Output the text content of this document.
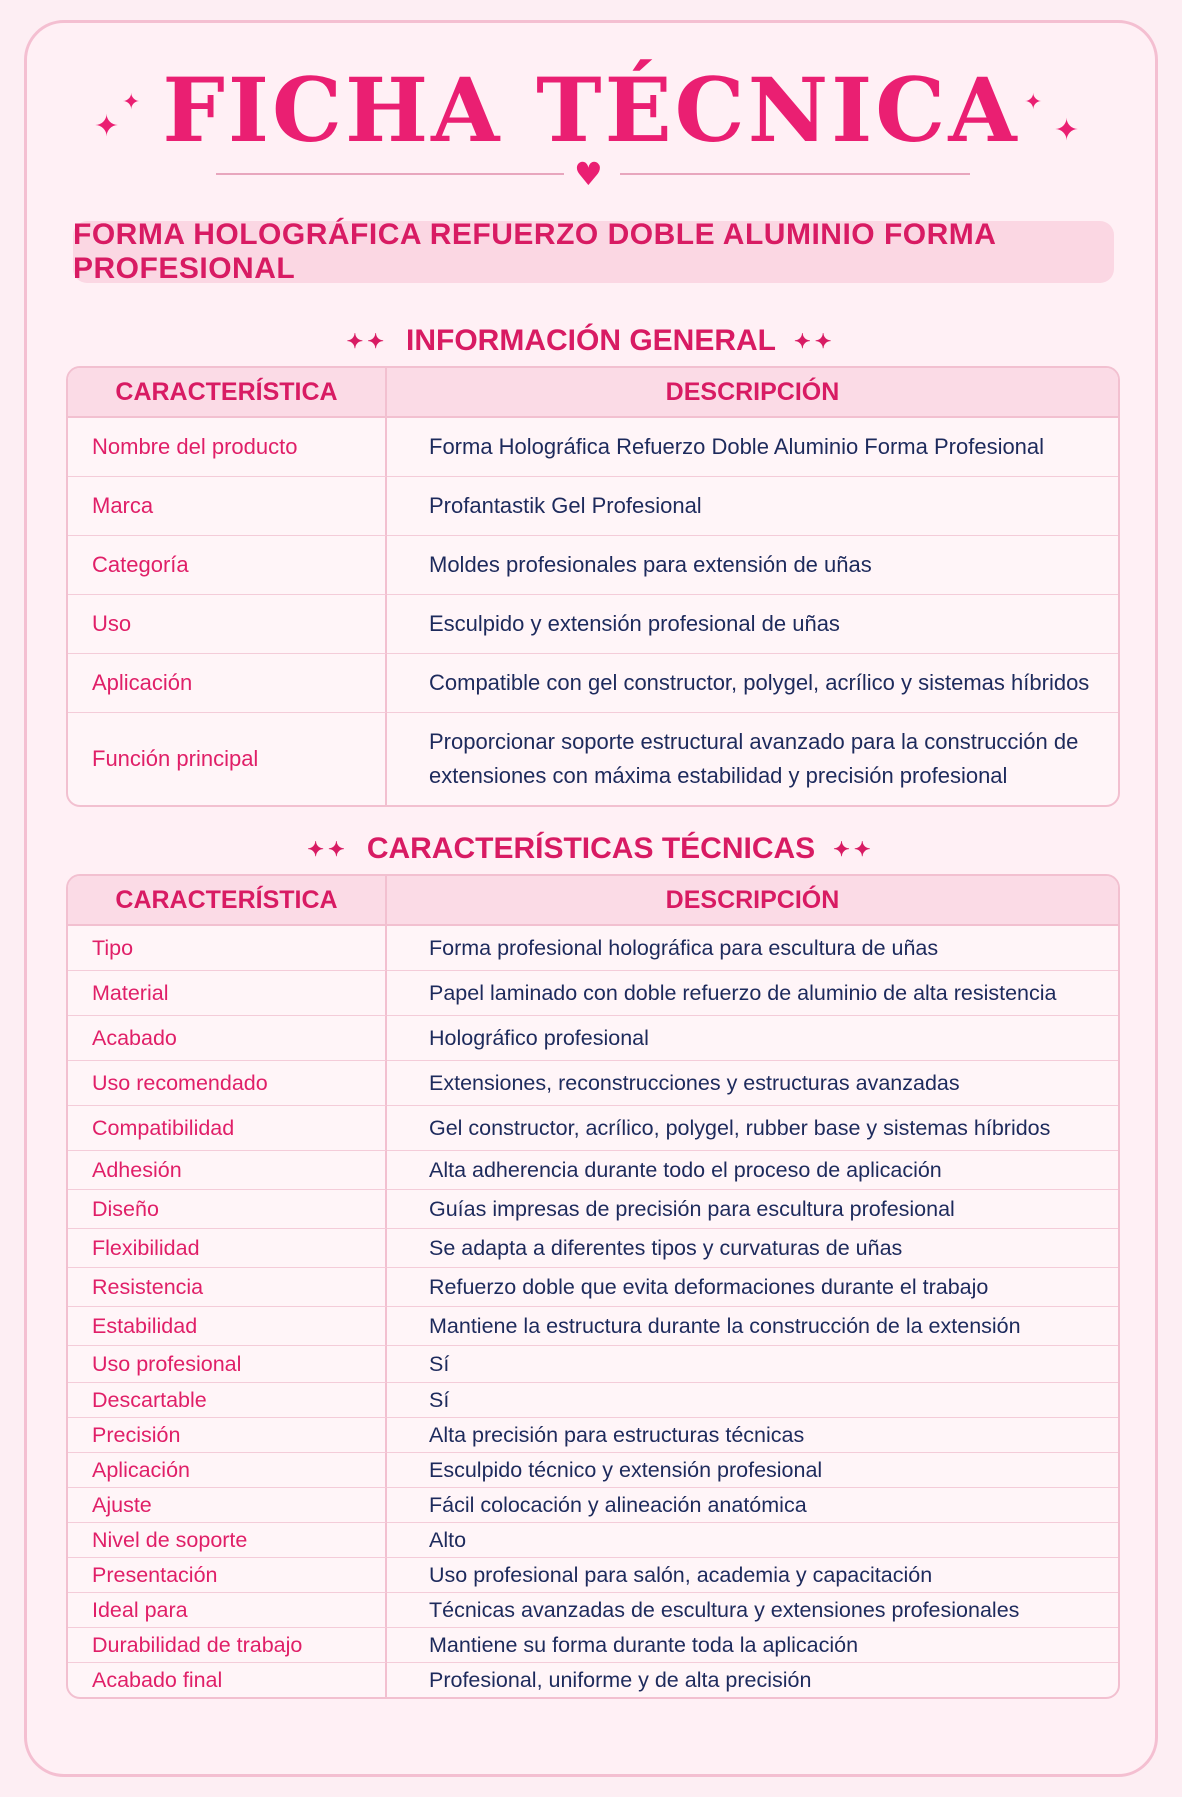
✦
✦	✦
✦
FICHA TÉCNICA
♥
FORMA HOLOGRÁFICA REFUERZO DOBLE ALUMINIO FORMA PROFESIONAL
✦✦ INFORMACIÓN GENERAL ✦✦
CARACTERÍSTICA	DESCRIPCIÓN
Nombre del producto	Forma Holográfica Refuerzo Doble Aluminio Forma Profesional
Marca	Profantastik Gel Profesional
Categoría	Moldes profesionales para extensión de uñas
Uso	Esculpido y extensión profesional de uñas
Aplicación	Compatible con gel constructor, polygel, acrílico y sistemas híbridos
Función principal	Proporcionar soporte estructural avanzado para la construcción de extensiones con máxima estabilidad y precisión profesional
✦✦ CARACTERÍSTICAS TÉCNICAS ✦✦
CARACTERÍSTICA	DESCRIPCIÓN
Tipo	Forma profesional holográfica para escultura de uñas
Material	Papel laminado con doble refuerzo de aluminio de alta resistencia
Acabado	Holográfico profesional
Uso recomendado	Extensiones, reconstrucciones y estructuras avanzadas
Compatibilidad	Gel constructor, acrílico, polygel, rubber base y sistemas híbridos
Adhesión	Alta adherencia durante todo el proceso de aplicación
Diseño	Guías impresas de precisión para escultura profesional
Flexibilidad	Se adapta a diferentes tipos y curvaturas de uñas
Resistencia	Refuerzo doble que evita deformaciones durante el trabajo
Estabilidad	Mantiene la estructura durante la construcción de la extensión
Uso profesional	Sí
Descartable	Sí
Precisión	Alta precisión para estructuras técnicas
Aplicación	Esculpido técnico y extensión profesional
Ajuste	Fácil colocación y alineación anatómica
Nivel de soporte	Alto
Presentación	Uso profesional para salón, academia y capacitación
Ideal para	Técnicas avanzadas de escultura y extensiones profesionales
Durabilidad de trabajo	Mantiene su forma durante toda la aplicación
Acabado final	Profesional, uniforme y de alta precisión
